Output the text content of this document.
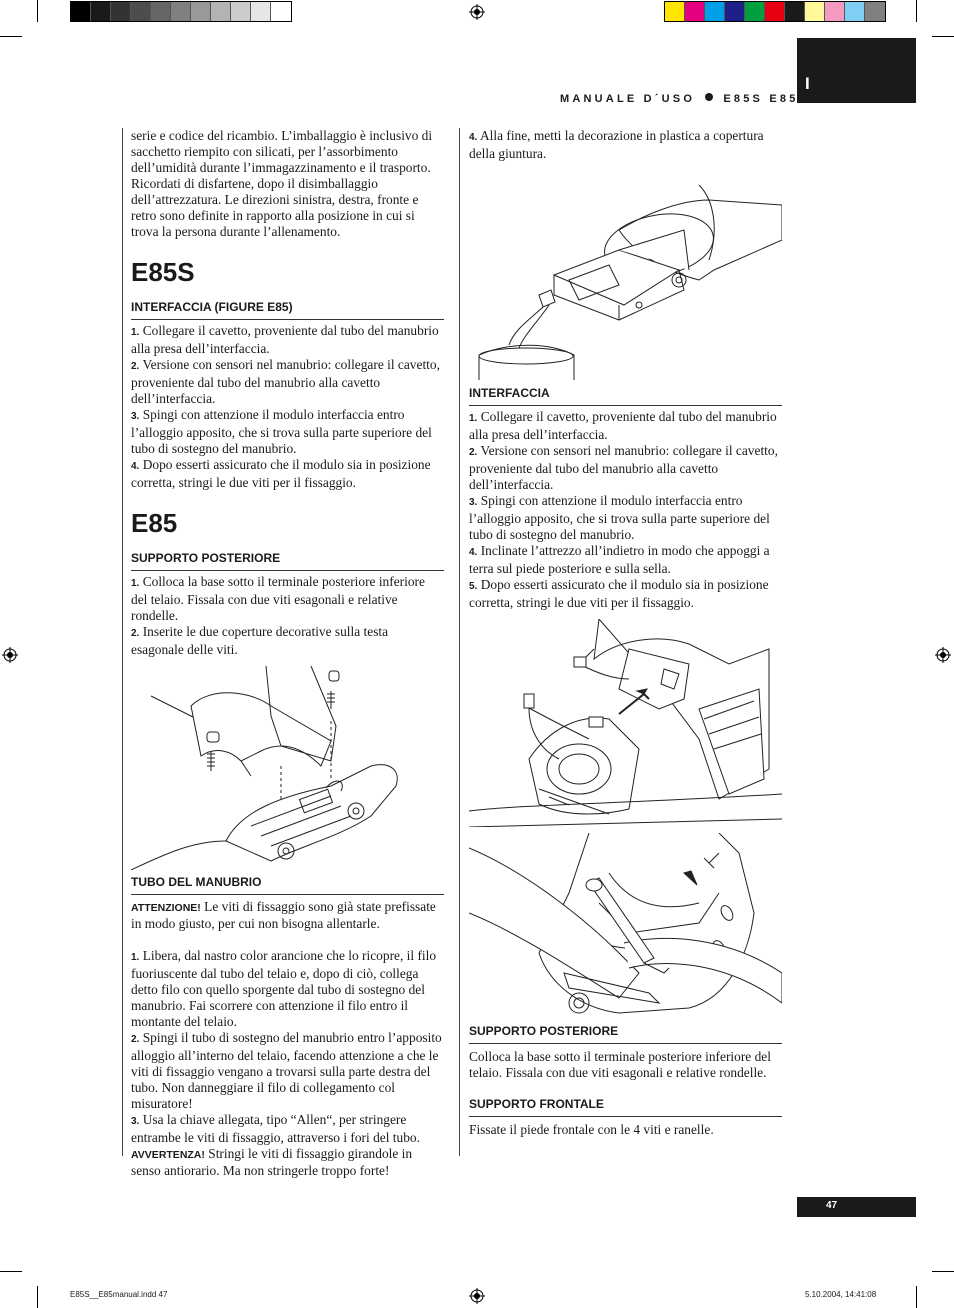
I
MANUALE D´USO	E85S E85

serie e codice del ricambio. L’imballaggio è inclusivo di sacchetto riempito con silicati, per l’assorbimento dell’umidità durante l’immagazzinamento e il trasporto. Ricordati di disfartene, dopo il disimballaggio dell’attrezzatura. Le direzioni sinistra, destra, fronte e retro sono definite in rapporto alla posizione in cui si trova la persona durante l’allenamento.

E85S
INTERFACCIA (FIGURE E85)

1. Collegare il cavetto, proveniente dal tubo del manubrio alla presa dell’interfaccia.

2. Versione con sensori nel manubrio: collegare il cavetto, proveniente dal tubo del manubrio alla cavetto dell’interfaccia.

3. Spingi con attenzione il modulo interfaccia entro l’alloggio apposito, che si trova sulla parte superiore del tubo di sostegno del manubrio.

4. Dopo esserti assicurato che il modulo sia in posizione corretta, stringi le due viti per il fissaggio.

E85
SUPPORTO POSTERIORE

1. Colloca la base sotto il terminale posteriore inferiore del telaio. Fissala con due viti esagonali e relative rondelle.

2. Inserite le due coperture decorative sulla testa esagonale delle viti.

TUBO DEL MANUBRIO

ATTENZIONE! Le viti di fissaggio sono già state prefissate in modo giusto, per cui non bisogna allentarle.

1. Libera, dal nastro color arancione che lo ricopre, il filo fuoriuscente dal tubo del telaio e, dopo di ciò, collega detto filo con quello sporgente dal tubo di sostegno del manubrio. Fai scorrere con attenzione il filo entro il montante del telaio.

2. Spingi il tubo di sostegno del manubrio entro l’apposito alloggio all’interno del telaio, facendo attenzione a che le viti di fissaggio vengano a trovarsi sulla parte destra del tubo. Non danneggiare il filo di collegamento col misuratore!

3. Usa la chiave allegata, tipo “Allen“, per stringere entrambe le viti di fissaggio, attraverso i fori del tubo.

AVVERTENZA! Stringi le viti di fissaggio girandole in senso antiorario. Ma non stringerle troppo forte!

4. Alla fine, metti la decorazione in plastica a copertura della giuntura.

INTERFACCIA

1. Collegare il cavetto, proveniente dal tubo del manubrio alla presa dell’interfaccia.

2. Versione con sensori nel manubrio: collegare il cavetto, proveniente dal tubo del manubrio alla cavetto dell’interfaccia.

3. Spingi con attenzione il modulo interfaccia entro l’alloggio apposito, che si trova sulla parte superiore del tubo di sostegno del manubrio.

4. Inclinate l’attrezzo all’indietro in modo che appoggi a terra sul piede posteriore e sulla sella.

5. Dopo esserti assicurato che il modulo sia in posizione corretta, stringi le due viti per il fissaggio.

SUPPORTO POSTERIORE

Colloca la base sotto il terminale posteriore inferiore del telaio. Fissala con due viti esagonali e relative rondelle.

SUPPORTO FRONTALE

Fissate il piede frontale con le 4 viti e ranelle.

47
E85S__E85manual.indd 47	5.10.2004, 14:41:08
